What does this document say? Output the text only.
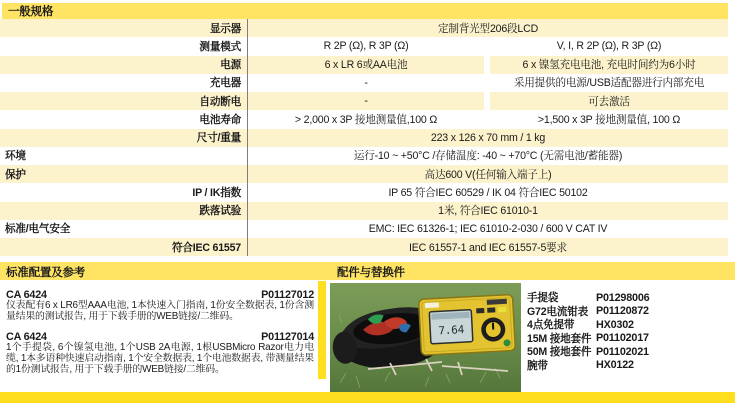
一般规格
显示器	定制背光型206段LCD
测量模式	R 2P (Ω), R 3P (Ω)	V, I, R 2P (Ω), R 3P (Ω)
电源	6 x LR 6或AA电池	6 x 镍氢充电电池, 充电时间约为6小时
充电器	-	采用提供的电源/USB适配器进行内部充电
自动断电	-	可去激活
电池寿命	> 2,000 x 3P 接地测量值,100 Ω	>1,500 x 3P 接地测量值, 100 Ω
尺寸/重量	223 x 126 x 70 mm / 1 kg
环境	运行-10 ~ +50°C /存储温度: -40 ~ +70°C (无需电池/蓄能器)
保护	高达600 V(任何输入端子上)
IP / IK指数	IP 65 符合IEC 60529 / IK 04 符合IEC 50102
跌落试验	1米, 符合IEC 61010-1
标准/电气安全	EMC: IEC 61326-1; IEC 61010-2-030 / 600 V CAT IV
符合IEC 61557	IEC 61557-1 and IEC 61557-5要求
标准配置及参考	配件与替换件
CA 6424	P01127012
仪表配有6 x LR6型AAA电池, 1本快速入门指南, 1份安全数据表, 1份含测量结果的测试报告, 用于下载手册的WEB链接/二维码。
CA 6424	P01127014
1个手提袋, 6个镍氢电池, 1个USB 2A电源, 1根USBMicro Razor电力电缆, 1本多语种快速启动指南, 1个安全数据表, 1个电池数据表, 带测量结果的1份测试报告, 用于下载手册的WEB链接/二维码。
7.64
手提袋	P01298006
G72电流钳表 P01120872
4点免提带	HX0302
15M 接地套件 P01102017
50M 接地套件 P01102021
腕带	HX0122
